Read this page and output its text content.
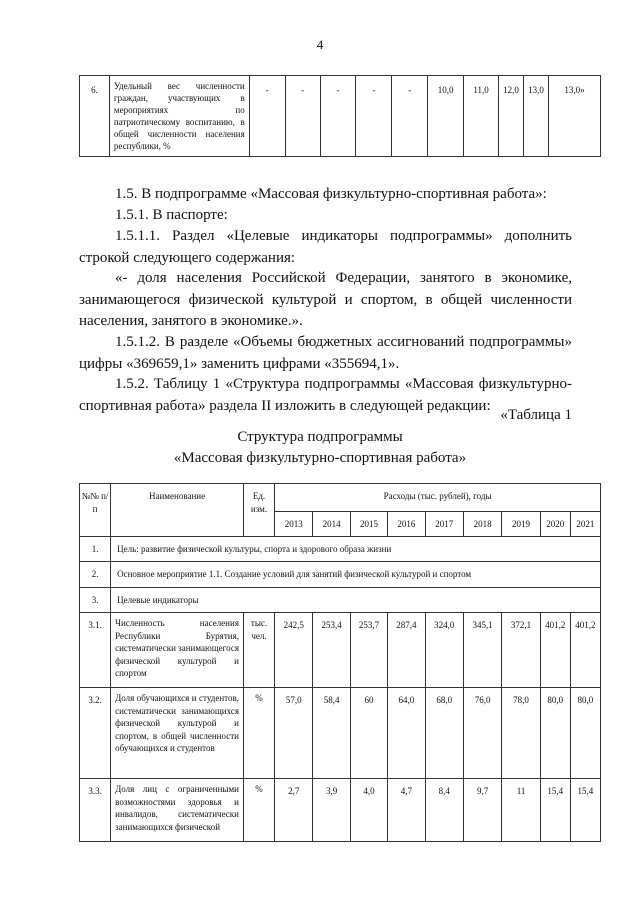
4
6.	Удельный вес численности граждан, участвующих в мероприятиях по патриотическому воспитанию, в общей численности населения республики, %	-	-	-	-	-	10,0	11,0	12,0	13,0	13,0»
1.5. В подпрограмме «Массовая физкультурно-спортивная работа»:
1.5.1. В паспорте:
1.5.1.1. Раздел «Целевые индикаторы подпрограммы» дополнить строкой следующего содержания:
«- доля населения Российской Федерации, занятого в экономике, занимающегося физической культурой и спортом, в общей численности населения, занятого в экономике.».
1.5.1.2. В разделе «Объемы бюджетных ассигнований подпрограммы» цифры «369659,1» заменить цифрами «355694,1».
1.5.2. Таблицу 1 «Структура подпрограммы «Массовая физкультурно-спортивная работа» раздела II изложить в следующей редакции:
«Таблица 1
Структура подпрограммы
«Массовая физкультурно-спортивная работа»
№№ п/п	Наименование	Ед. изм.	Расходы (тыс. рублей), годы								
			2013	2014	2015	2016	2017	2018	2019	2020	2021
1.	Цель: развитие физической культуры, спорта и здорового образа жизни										
2.	Основное мероприятие 1.1. Создание условий для занятий физической культурой и спортом										
3.	Целевые индикаторы										
3.1.	Численность населения Республики Бурятия, систематически занимающегося физической культурой и спортом	тыс. чел.	242,5	253,4	253,7	287,4	324,0	345,1	372,1	401,2	401,2
3.2.	Доля обучающихся и студентов, систематически занимающихся физической культурой и спортом, в общей численности обучающихся и студентов	%	57,0	58,4	60	64,0	68,0	76,0	78,0	80,0	80,0
3.3.	Доля лиц с ограниченными возможностями здоровья и инвалидов, систематически занимающихся физической	%	2,7	3,9	4,0	4,7	8,4	9,7	11	15,4	15,4
